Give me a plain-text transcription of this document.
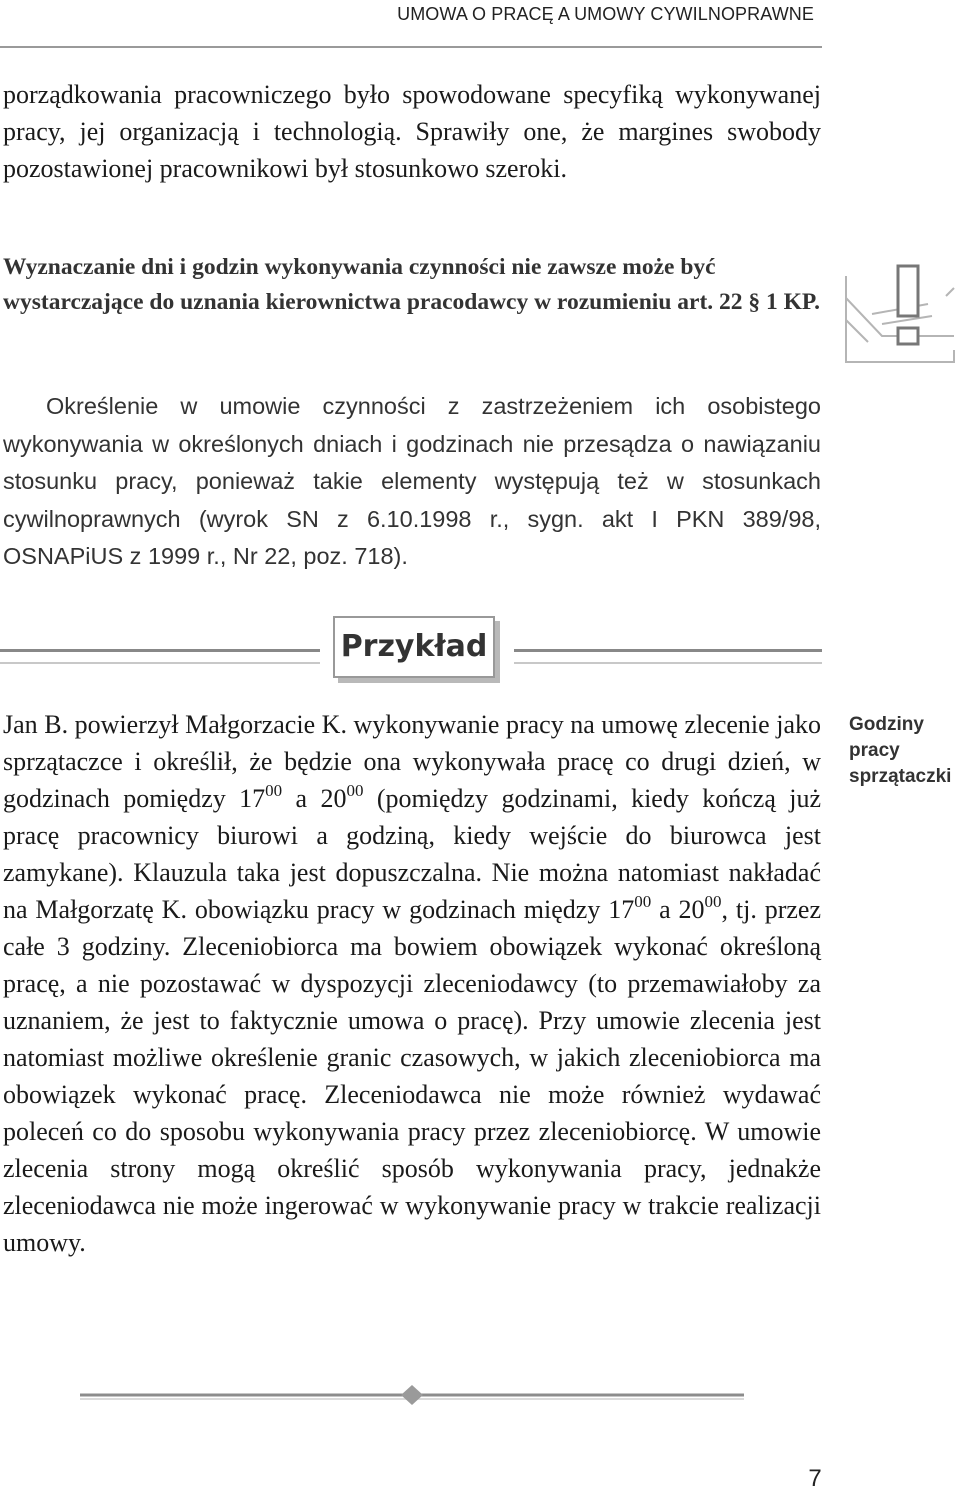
UMOWA O PRACĘ A UMOWY CYWILNOPRAWNE

porządkowania pracowniczego było spowodowane specyfiką wykonywanej pracy, jej organizacją i technologią. Sprawiły one, że margines swobody pozostawionej pracownikowi był stosunkowo szeroki.

Wyznaczanie dni i godzin wykonywania czynności nie zawsze może być wystarczające do uznania kierownictwa pracodawcy w rozumieniu art. 22 § 1 KP.

Określenie w umowie czynności z zastrzeżeniem ich osobistego wykonywania w określonych dniach i godzinach nie przesądza o nawiązaniu stosunku pracy, ponieważ takie elementy występują też w stosunkach cywilnoprawnych (wyrok SN z 6.10.1998 r., sygn. akt I PKN 389/98, OSNAPiUS z 1999 r., Nr 22, poz. 718).

Przykład

Jan B. powierzył Małgorzacie K. wykonywanie pracy na umowę zlecenie jako sprzątaczce i określił, że będzie ona wykonywała pracę co drugi dzień, w godzinach pomiędzy $17^{00}$ a $20^{00}$ (pomiędzy godzinami, kiedy kończą już pracę pracownicy biurowi a godziną, kiedy wejście do biurowca jest zamykane). Klauzula taka jest dopuszczalna. Nie można natomiast nakładać na Małgorzatę K. obowiązku pracy w godzinach między $17^{00}$ a $20^{00}$, tj. przez całe 3 godziny. Zleceniobiorca ma bowiem obowiązek wykonać określoną pracę, a nie pozostawać w dyspozycji zleceniodawcy (to przemawiałoby za uznaniem, że jest to faktycznie umowa o pracę). Przy umowie zlecenia jest natomiast możliwe określenie granic czasowych, w jakich zleceniobiorca ma obowiązek wykonać pracę. Zleceniodawca nie może również wydawać poleceń co do sposobu wykonywania pracy przez zleceniobiorcę. W umowie zlecenia strony mogą określić sposób wykonywania pracy, jednakże zleceniodawca nie może ingerować w wykonywanie pracy w trakcie realizacji umowy.

Godziny
pracy
sprzątaczki
7
